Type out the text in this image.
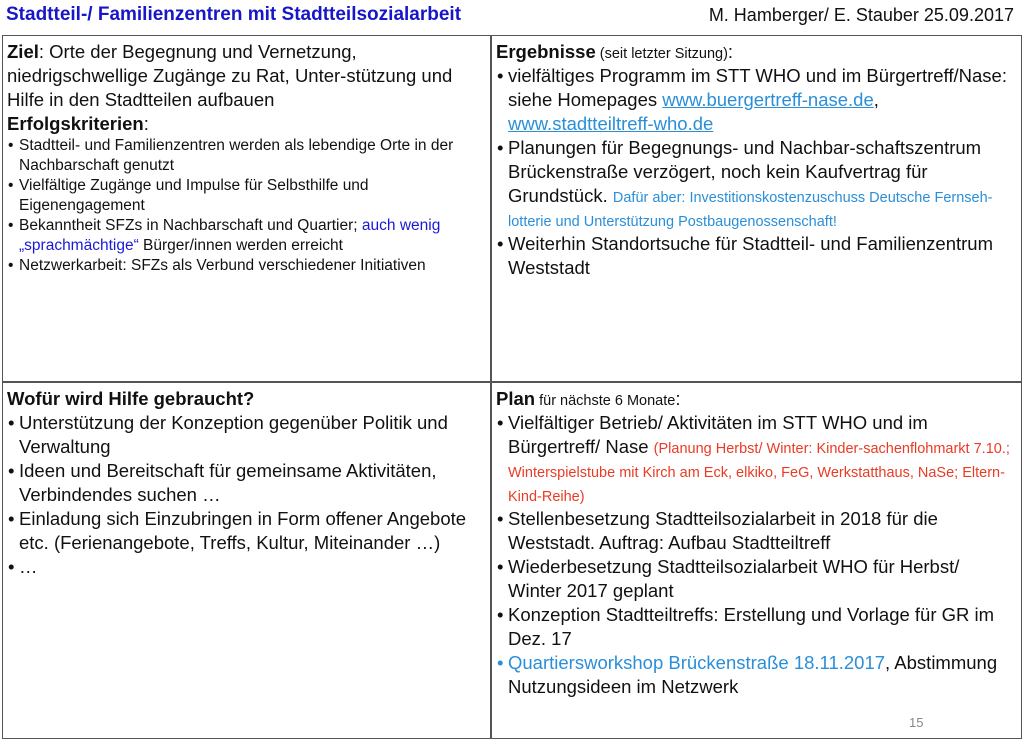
Stadtteil-/ Familienzentren mit Stadtteilsozialarbeit	M. Hamberger/ E. Stauber 25.09.2017

Ziel: Orte der Begegnung und Vernetzung, niedrigschwellige Zugänge zu Rat, Unter-stützung und Hilfe in den Stadtteilen aufbauen

Erfolgskriterien:

• Stadtteil- und Familienzentren werden als lebendige Orte in der Nachbarschaft genutzt
• Vielfältige Zugänge und Impulse für Selbsthilfe und Eigenengagement
• Bekanntheit SFZs in Nachbarschaft und Quartier; auch wenig „sprachmächtige“ Bürger/innen werden erreicht
• Netzwerkarbeit: SFZs als Verbund verschiedener Initiativen

Ergebnisse (seit letzter Sitzung):

• vielfältiges Programm im STT WHO und im Bürgertreff/Nase: siehe Homepages www.buergertreff-nase.de, www.stadtteiltreff-who.de
• Planungen für Begegnungs- und Nachbar-schaftszentrum Brückenstraße verzögert, noch kein Kaufvertrag für Grundstück. Dafür aber: Investitionskostenzuschuss Deutsche Fernseh-lotterie und Unterstützung Postbaugenossenschaft!
• Weiterhin Standortsuche für Stadtteil- und Familienzentrum Weststadt

Wofür wird Hilfe gebraucht?

• Unterstützung der Konzeption gegenüber Politik und Verwaltung
• Ideen und Bereitschaft für gemeinsame Aktivitäten, Verbindendes suchen …
• Einladung sich Einzubringen in Form offener Angebote etc. (Ferienangebote, Treffs, Kultur, Miteinander …)
• …

Plan für nächste 6 Monate:

• Vielfältiger Betrieb/ Aktivitäten im STT WHO und im Bürgertreff/ Nase (Planung Herbst/ Winter: Kinder-sachenflohmarkt 7.10.; Winterspielstube mit Kirch am Eck, elkiko, FeG, Werkstatthaus, NaSe; Eltern-Kind-Reihe)
• Stellenbesetzung Stadtteilsozialarbeit in 2018 für die Weststadt. Auftrag: Aufbau Stadtteiltreff
• Wiederbesetzung Stadtteilsozialarbeit WHO für Herbst/ Winter 2017 geplant
• Konzeption Stadtteiltreffs: Erstellung und Vorlage für GR im Dez. 17
• Quartiersworkshop Brückenstraße 18.11.2017, Abstimmung Nutzungsideen im Netzwerk
15
